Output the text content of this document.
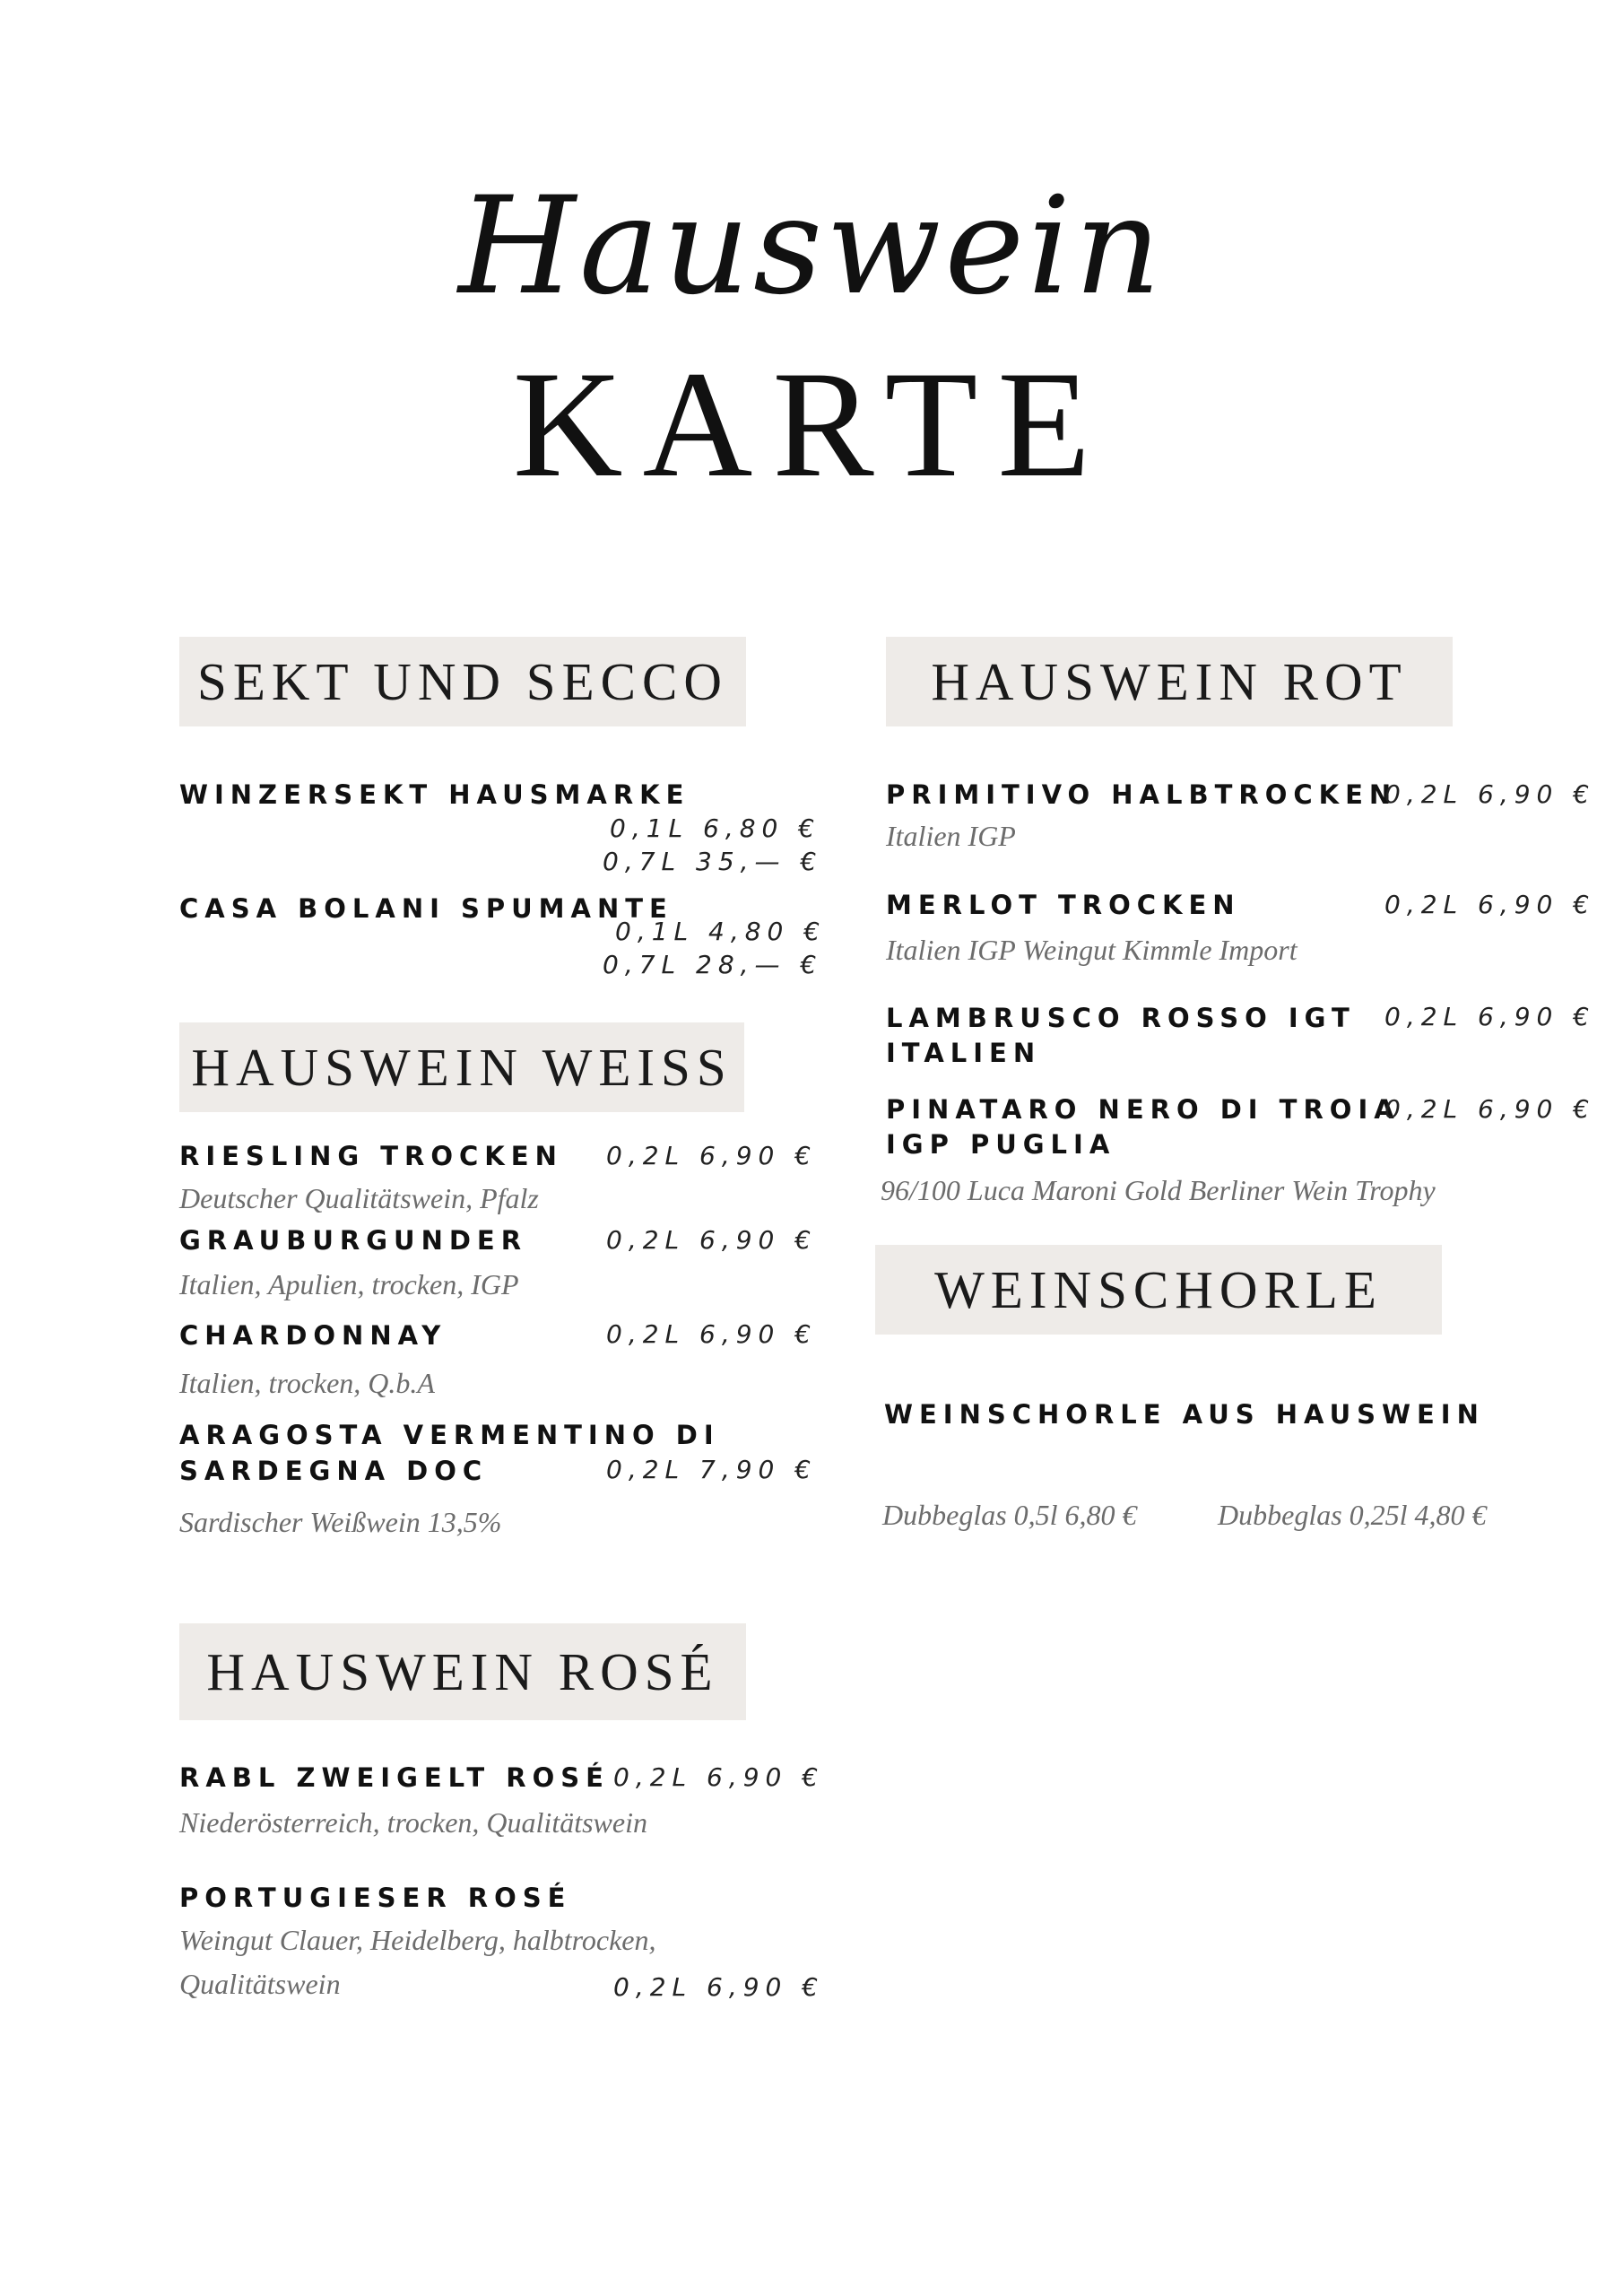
Hauswein
KARTE
SEKT UND SECCO
WINZERSEKT HAUSMARKE
0,1L 6,80 €
0,7L 35,— €
CASA BOLANI SPUMANTE
0,1L 4,80 €
0,7L 28,— €
HAUSWEIN WEISS
RIESLING TROCKEN 0,2L 6,90 €
Deutscher Qualitätswein, Pfalz
GRAUBURGUNDER	0,2L 6,90 €
Italien, Apulien, trocken, IGP
CHARDONNAY	0,2L 6,90 €
Italien, trocken, Q.b.A
ARAGOSTA VERMENTINO DI
SARDEGNA DOC	0,2L 7,90 €
Sardischer Weißwein 13,5%
HAUSWEIN ROSÉ
RABL ZWEIGELT ROSÉ 0,2L 6,90 €
Niederösterreich, trocken, Qualitätswein
PORTUGIESER ROSÉ
Weingut Clauer, Heidelberg, halbtrocken,
Qualitätswein	0,2L 6,90 €
HAUSWEIN ROT
PRIMITIVO HALBTROCKEN
0,2L 6,90 €
Italien IGP
MERLOT TROCKEN	0,2L 6,90 €
Italien IGP Weingut Kimmle Import
LAMBRUSCO ROSSO IGT
ITALIEN
0,2L 6,90 €
PINATARO NERO DI TROIA
IGP PUGLIA
0,2L 6,90 €
96/100 Luca Maroni Gold Berliner Wein Trophy
WEINSCHORLE
WEINSCHORLE AUS HAUSWEIN
Dubbeglas 0,5l 6,80 €	Dubbeglas 0,25l 4,80 €
